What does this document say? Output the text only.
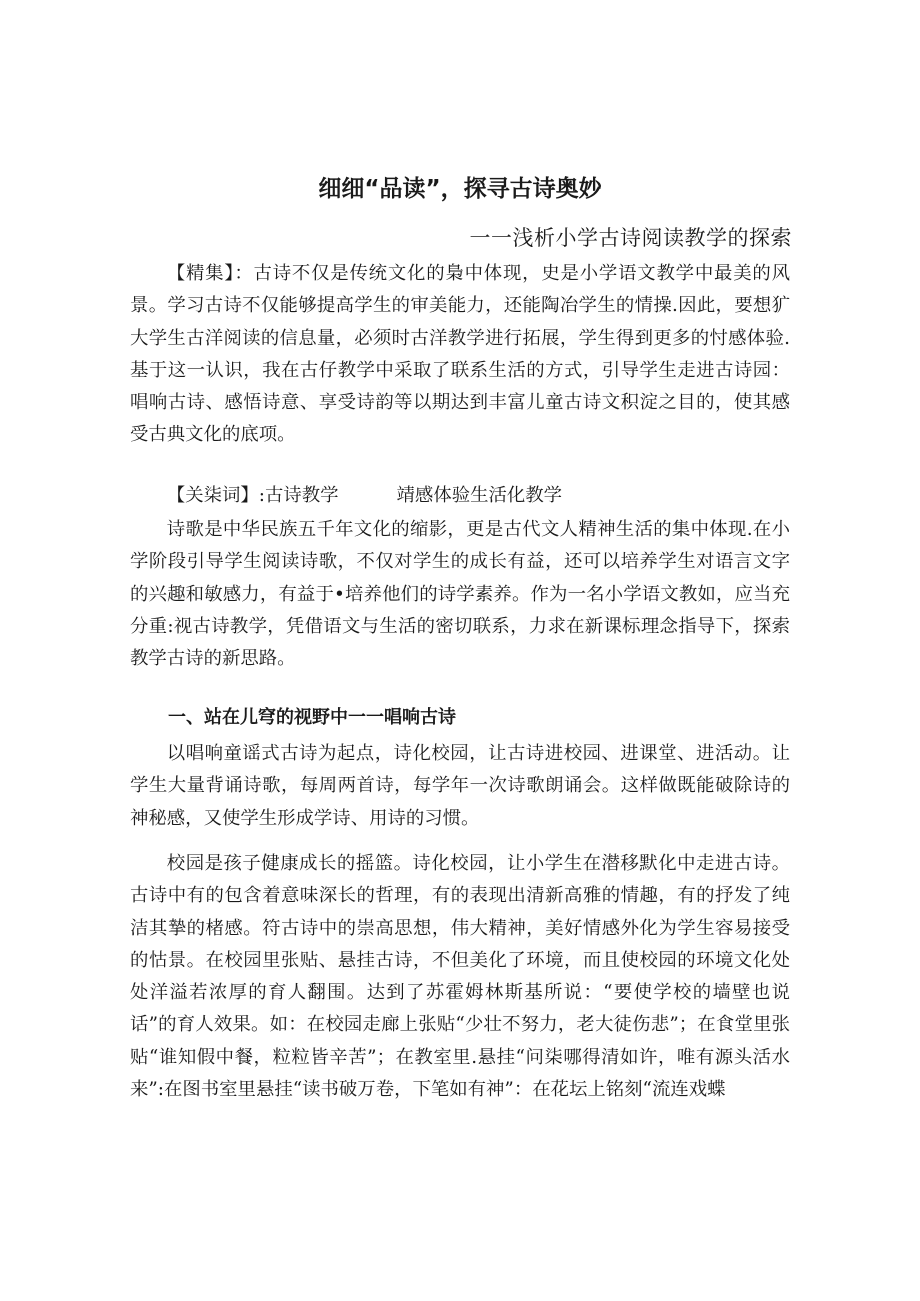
细细“品读”，探寻古诗奥妙

一一浅析小学古诗阅读教学的探索

【精集】：古诗不仅是传统文化的梟中体现，史是小学语文教学中最美的风景。学习古诗不仅能够提高学生的审美能力，还能陶冶学生的情操.因此，要想犷大学生古洋阅读的信息量，必须时古洋教学进行拓展，学生得到更多的忖感体验.基于这一认识，我在古仔教学中采取了联系生活的方式，引导学生走进古诗园：唱响古诗、感悟诗意、享受诗韵等以期达到丰富儿童古诗文积淀之目的，使其感受古典文化的底项。

【关柒词】:古诗教学	靖感体验生活化教学

诗歌是中华民族五千年文化的缩影，更是古代文人精神生活的集中体现.在小学阶段引导学生阅读诗歌，不仅对学生的成长有益，还可以培养学生对语言文字的兴趣和敏感力，有益于•培养他们的诗学素养。作为一名小学语文教如，应当充分重:视古诗教学，凭借语文与生活的密切联系，力求在新课标理念指导下，探索教学古诗的新思路。

一、站在儿穹的视野中一一唱响古诗

以唱响童谣式古诗为起点，诗化校园，让古诗进校园、进课堂、进活动。让学生大量背诵诗歌，每周两首诗，每学年一次诗歌朗诵会。这样做既能破除诗的神秘感，又使学生形成学诗、用诗的习惯。

校园是孩子健康成长的摇篮。诗化校园，让小学生在潜移默化中走进古诗。古诗中有的包含着意味深长的哲理，有的表现出清新高雅的情趣，有的抒发了纯洁其摯的楮感。符古诗中的崇高思想，伟大精神，美好情感外化为学生容易接受的怙景。在校园里张贴、悬挂古诗，不但美化了环境，而且使校园的环境文化处处洋溢若浓厚的育人翻围。达到了苏霍姆林斯基所说：“要使学校的墙壁也说话”的育人效果。如：在校园走廊上张贴“少壮不努力，老大徒伤悲”；在食堂里张贴“谁知假中餐，粒粒皆辛苦”；在教室里.悬挂“问柒哪得清如许，唯有源头活水来”:在图书室里悬挂“读书破万卷，下笔如有神”：在花坛上铭刻“流连戏蝶
